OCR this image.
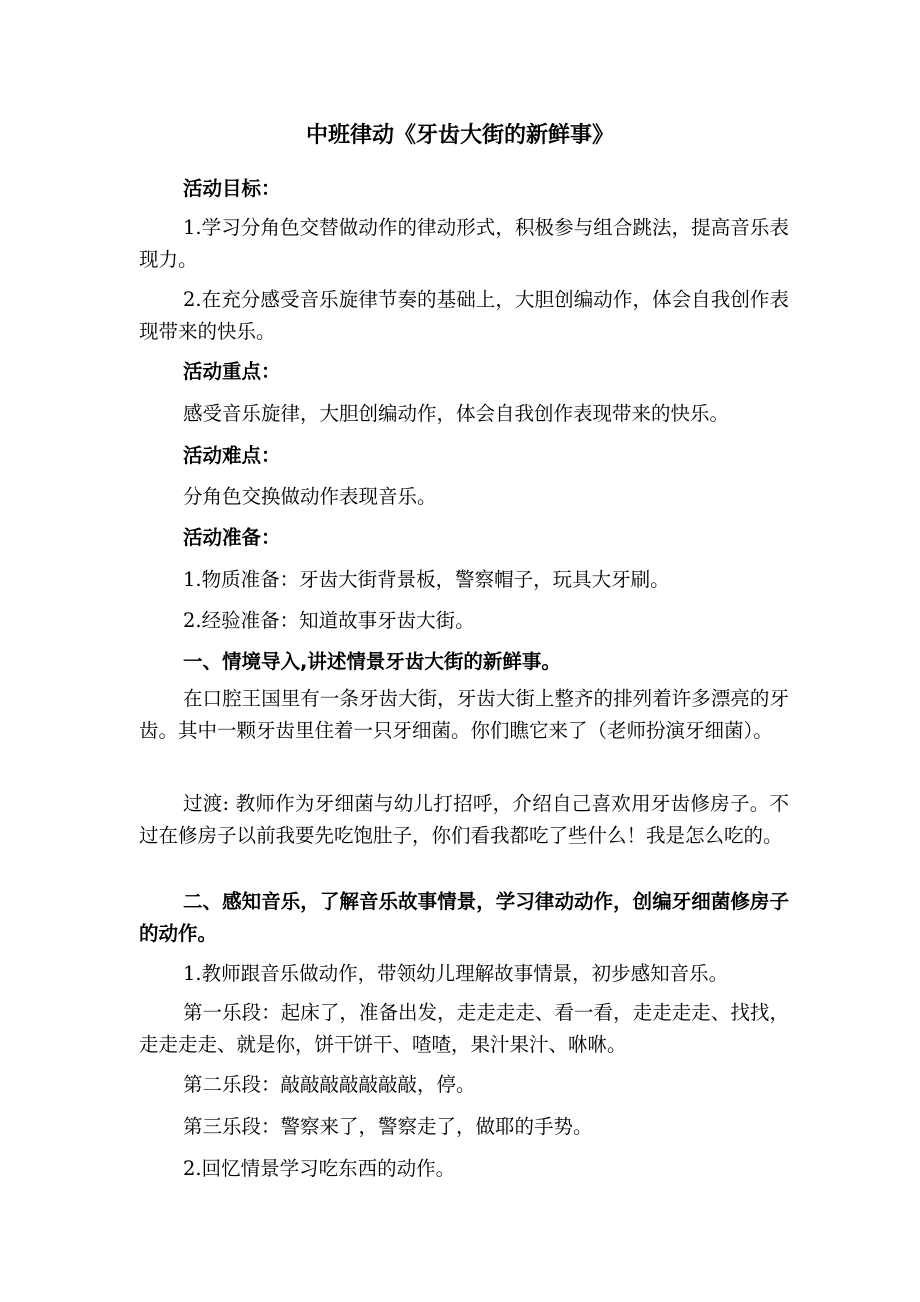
中班律动《牙齿大街的新鲜事》
活动目标：
1.学习分角色交替做动作的律动形式，积极参与组合跳法，提高音乐表现力。
2.在充分感受音乐旋律节奏的基础上，大胆创编动作，体会自我创作表现带来的快乐。
活动重点：
感受音乐旋律，大胆创编动作，体会自我创作表现带来的快乐。
活动难点：
分角色交换做动作表现音乐。
活动准备：
1.物质准备：牙齿大街背景板，警察帽子，玩具大牙刷。
2.经验准备：知道故事牙齿大街。
一、情境导入,讲述情景牙齿大街的新鲜事。
在口腔王国里有一条牙齿大街，牙齿大街上整齐的排列着许多漂亮的牙齿。其中一颗牙齿里住着一只牙细菌。你们瞧它来了（老师扮演牙细菌）。
过渡: 教师作为牙细菌与幼儿打招呼，介绍自己喜欢用牙齿修房子。不过在修房子以前我要先吃饱肚子，你们看我都吃了些什么！我是怎么吃的。
二、感知音乐，了解音乐故事情景，学习律动动作，创编牙细菌修房子的动作。
1.教师跟音乐做动作，带领幼儿理解故事情景，初步感知音乐。
第一乐段：起床了，准备出发，走走走走、看一看，走走走走、找找，走走走走、就是你，饼干饼干、喳喳，果汁果汁、咻咻。
第二乐段：敲敲敲敲敲敲敲，停。
第三乐段：警察来了，警察走了，做耶的手势。
2.回忆情景学习吃东西的动作。
